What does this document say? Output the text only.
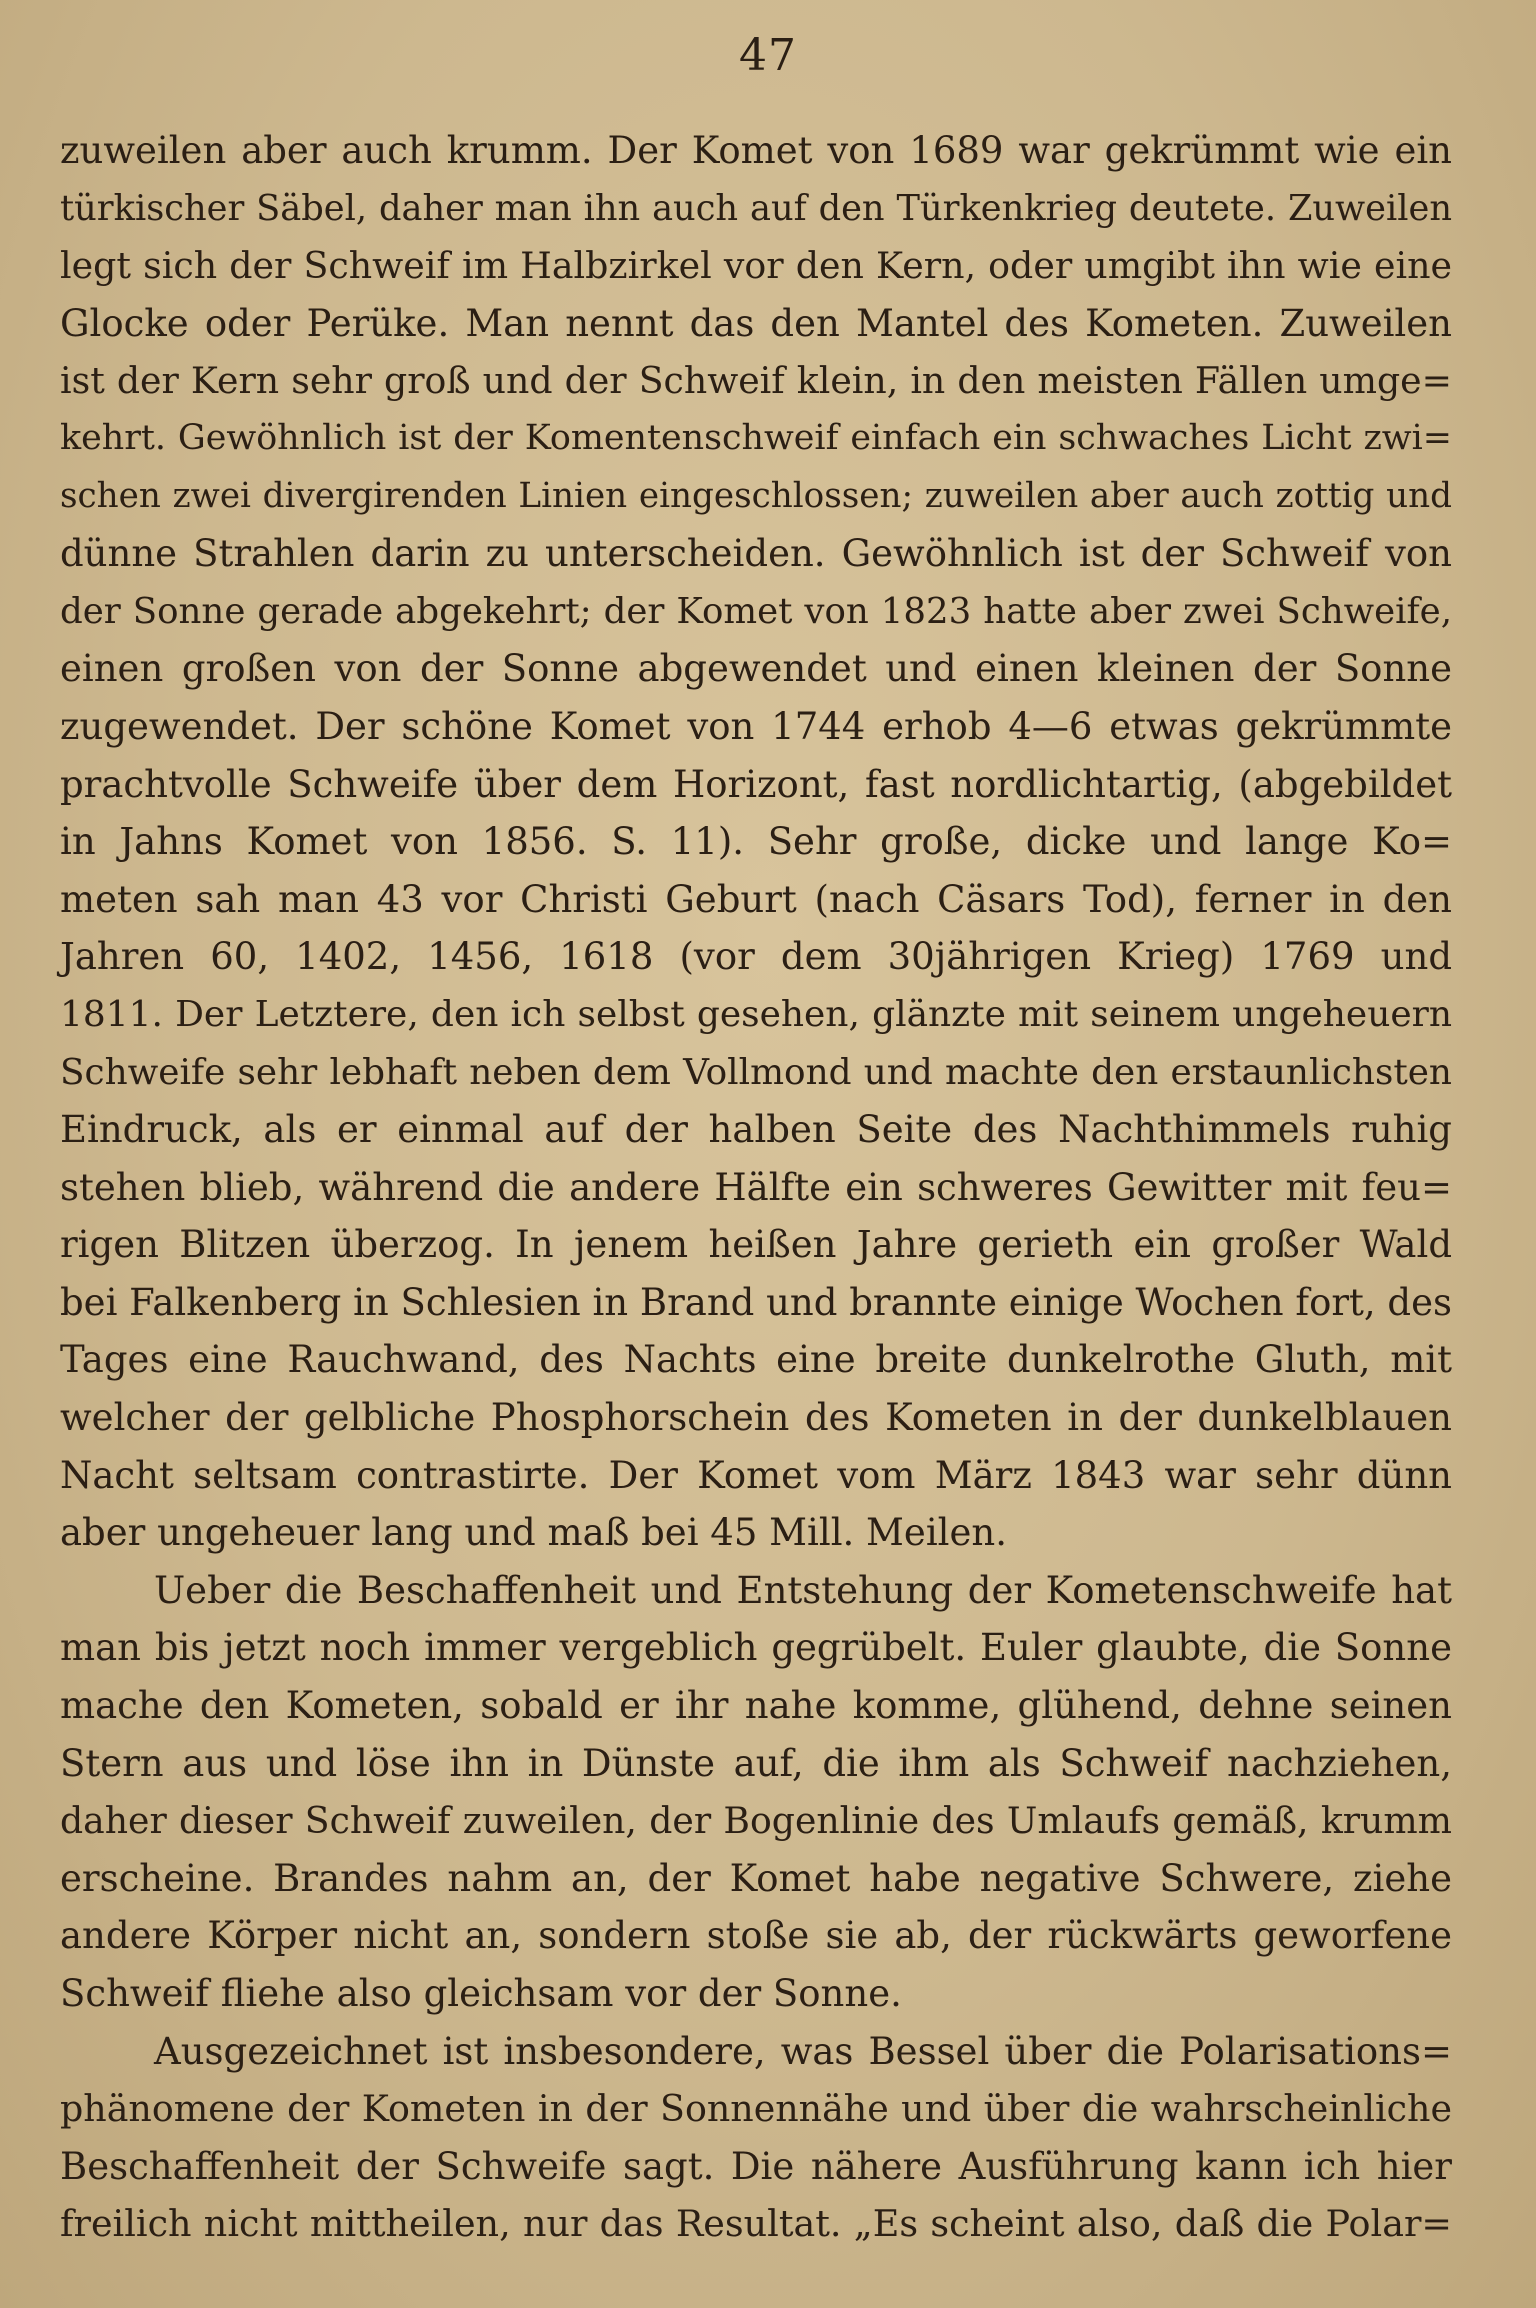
47
zuweilen aber auch krumm. Der Komet von 1689 war gekrümmt wie ein
türkischer Säbel, daher man ihn auch auf den Türkenkrieg deutete. Zuweilen
legt sich der Schweif im Halbzirkel vor den Kern, oder umgibt ihn wie eine
Glocke oder Perüke. Man nennt das den Mantel des Kometen. Zuweilen
ist der Kern sehr groß und der Schweif klein, in den meisten Fällen umge=
kehrt. Gewöhnlich ist der Komentenschweif einfach ein schwaches Licht zwi=
schen zwei divergirenden Linien eingeschlossen; zuweilen aber auch zottig und
dünne Strahlen darin zu unterscheiden. Gewöhnlich ist der Schweif von
der Sonne gerade abgekehrt; der Komet von 1823 hatte aber zwei Schweife,
einen großen von der Sonne abgewendet und einen kleinen der Sonne
zugewendet. Der schöne Komet von 1744 erhob 4—6 etwas gekrümmte
prachtvolle Schweife über dem Horizont, fast nordlichtartig, (abgebildet
in Jahns Komet von 1856. S. 11). Sehr große, dicke und lange Ko=
meten sah man 43 vor Christi Geburt (nach Cäsars Tod), ferner in den
Jahren 60, 1402, 1456, 1618 (vor dem 30jährigen Krieg) 1769 und
1811. Der Letztere, den ich selbst gesehen, glänzte mit seinem ungeheuern
Schweife sehr lebhaft neben dem Vollmond und machte den erstaunlichsten
Eindruck, als er einmal auf der halben Seite des Nachthimmels ruhig
stehen blieb, während die andere Hälfte ein schweres Gewitter mit feu=
rigen Blitzen überzog. In jenem heißen Jahre gerieth ein großer Wald
bei Falkenberg in Schlesien in Brand und brannte einige Wochen fort, des
Tages eine Rauchwand, des Nachts eine breite dunkelrothe Gluth, mit
welcher der gelbliche Phosphorschein des Kometen in der dunkelblauen
Nacht seltsam contrastirte. Der Komet vom März 1843 war sehr dünn
aber ungeheuer lang und maß bei 45 Mill. Meilen.
Ueber die Beschaffenheit und Entstehung der Kometenschweife hat
man bis jetzt noch immer vergeblich gegrübelt. Euler glaubte, die Sonne
mache den Kometen, sobald er ihr nahe komme, glühend, dehne seinen
Stern aus und löse ihn in Dünste auf, die ihm als Schweif nachziehen,
daher dieser Schweif zuweilen, der Bogenlinie des Umlaufs gemäß, krumm
erscheine. Brandes nahm an, der Komet habe negative Schwere, ziehe
andere Körper nicht an, sondern stoße sie ab, der rückwärts geworfene
Schweif fliehe also gleichsam vor der Sonne.
Ausgezeichnet ist insbesondere, was Bessel über die Polarisations=
phänomene der Kometen in der Sonnennähe und über die wahrscheinliche
Beschaffenheit der Schweife sagt. Die nähere Ausführung kann ich hier
freilich nicht mittheilen, nur das Resultat. „Es scheint also, daß die Polar=
